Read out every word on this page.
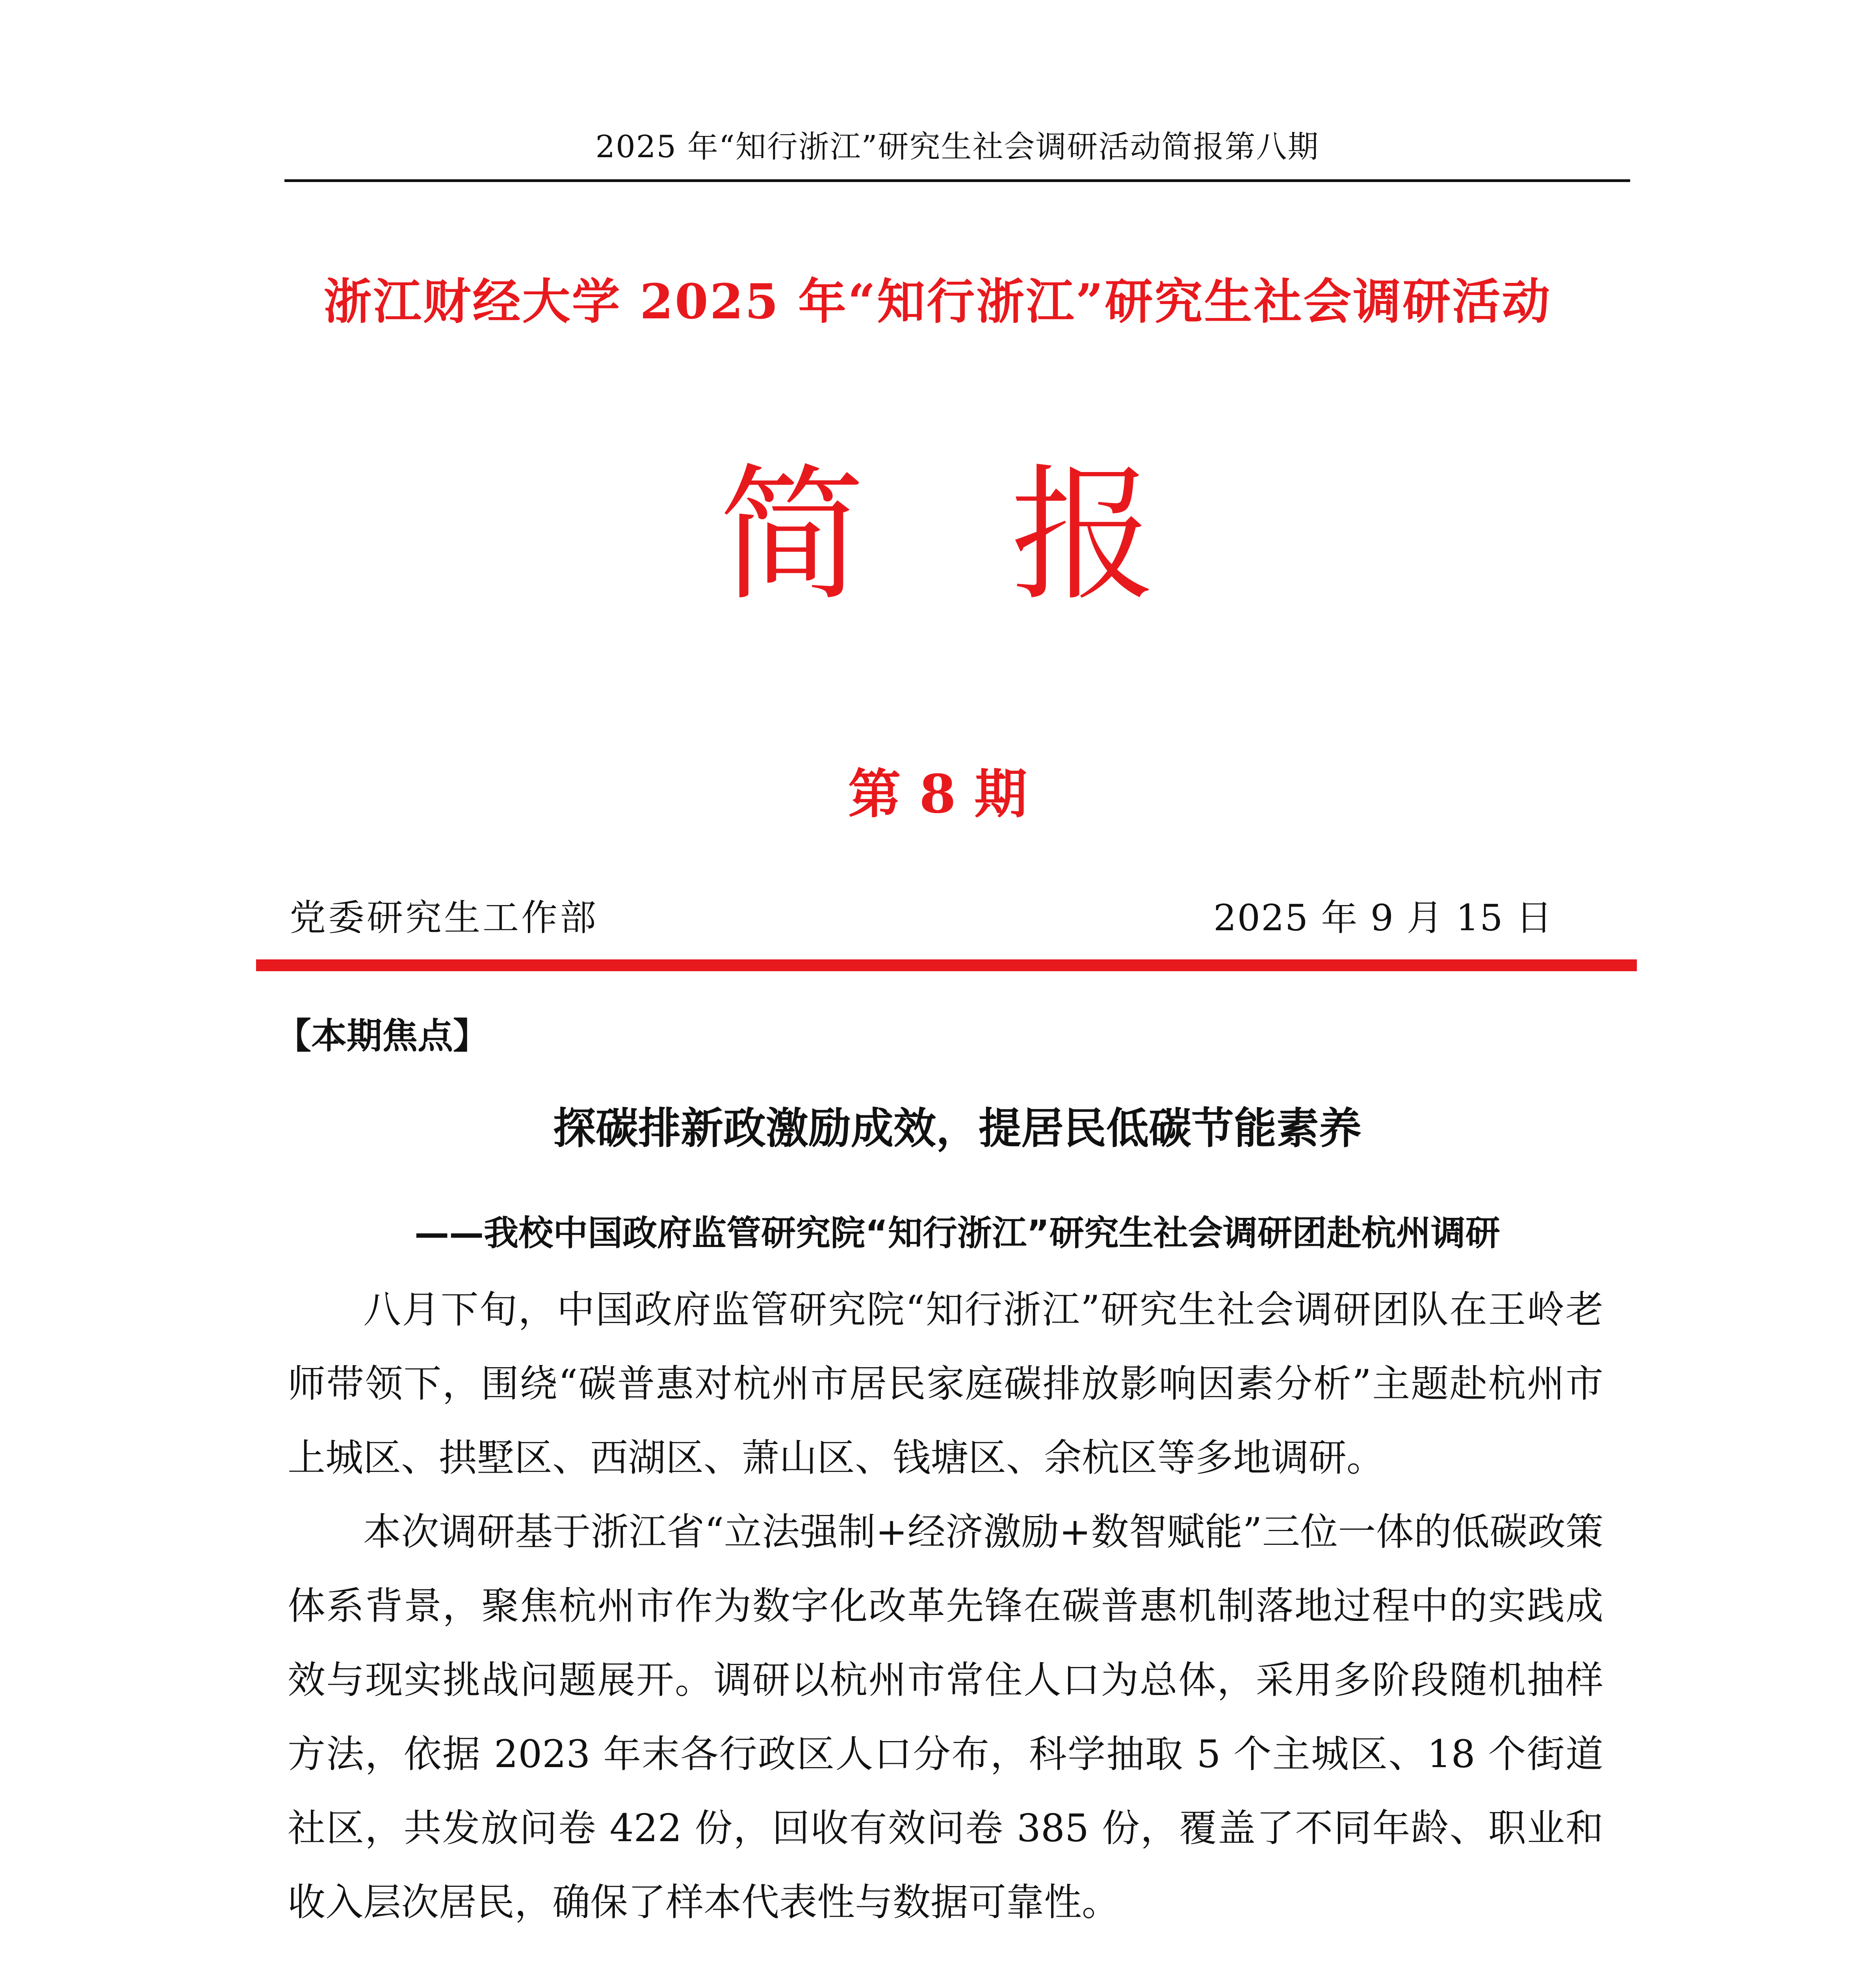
2025 年“知行浙江”研究生社会调研活动简报第八期
浙江财经大学 2025 年“知行浙江”研究生社会调研活动
简　报
第 8 期
党委研究生工作部	2025 年 9 月 15 日
【本期焦点】
探碳排新政激励成效，提居民低碳节能素养
——我校中国政府监管研究院“知行浙江”研究生社会调研团赴杭州调研

八月下旬，中国政府监管研究院“知行浙江”研究生社会调研团队在王岭老师带领下，围绕“碳普惠对杭州市居民家庭碳排放影响因素分析”主题赴杭州市上城区、拱墅区、西湖区、萧山区、钱塘区、余杭区等多地调研。

本次调研基于浙江省“立法强制+经济激励+数智赋能”三位一体的低碳政策体系背景，聚焦杭州市作为数字化改革先锋在碳普惠机制落地过程中的实践成效与现实挑战问题展开。调研以杭州市常住人口为总体，采用多阶段随机抽样方法，依据 2023 年末各行政区人口分布，科学抽取 5 个主城区、18 个街道社区，共发放问卷 422 份，回收有效问卷 385 份，覆盖了不同年龄、职业和收入层次居民，确保了样本代表性与数据可靠性。
